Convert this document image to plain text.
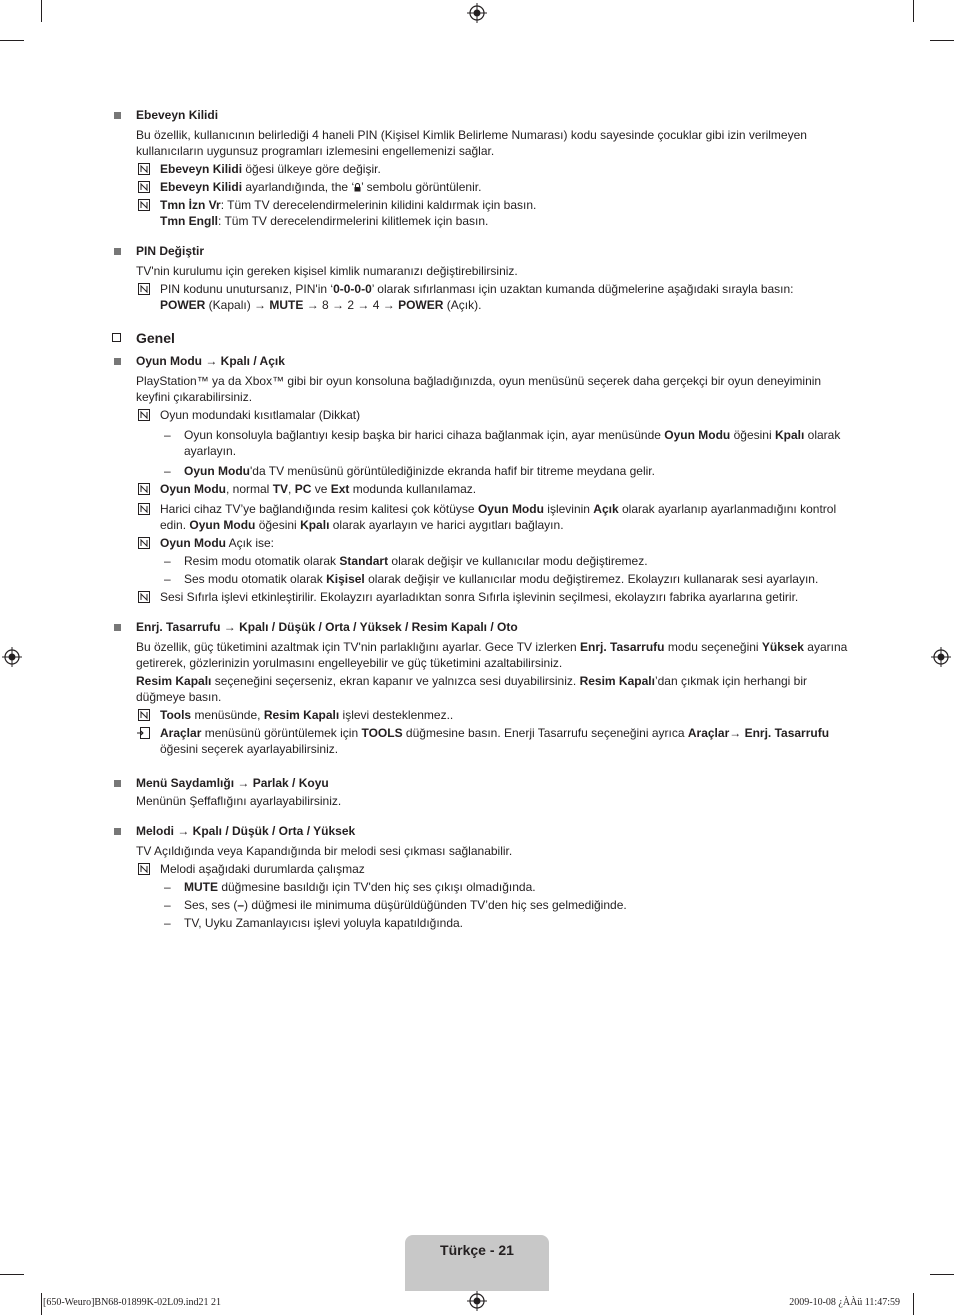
Ebeveyn Kilidi
Bu özellik, kullanıcının belirlediği 4 haneli PIN (Kişisel Kimlik Belirleme Numarası) kodu sayesinde çocuklar gibi izin verilmeyen kullanıcıların uygunsuz programları izlemesini engellemenizi sağlar.
Ebeveyn Kilidi öğesi ülkeye göre değişir.
Ebeveyn Kilidi ayarlandığında, the ‘ ’ sembolu görüntülenir.
Tmn İzn Vr: Tüm TV derecelendirmelerinin kilidini kaldırmak için basın.
Tmn Engll: Tüm TV derecelendirmelerini kilitlemek için basın.
PIN Değiştir
TV'nin kurulumu için gereken kişisel kimlik numaranızı değiştirebilirsiniz.
PIN kodunu unutursanız, PIN'in ‘0-0-0-0’ olarak sıfırlanması için uzaktan kumanda düğmelerine aşağıdaki sırayla basın:
POWER (Kapalı) → MUTE → 8 → 2 → 4 → POWER (Açık).
Genel
Oyun Modu → Kpalı / Açık
PlayStation™ ya da Xbox™ gibi bir oyun konsoluna bağladığınızda, oyun menüsünü seçerek daha gerçekçi bir oyun deneyiminin keyfini çıkarabilirsiniz.
Oyun modundaki kısıtlamalar (Dikkat)
– Oyun konsoluyla bağlantıyı kesip başka bir harici cihaza bağlanmak için, ayar menüsünde Oyun Modu öğesini Kpalı olarak ayarlayın.
– Oyun Modu'da TV menüsünü görüntülediğinizde ekranda hafif bir titreme meydana gelir.
Oyun Modu, normal TV, PC ve Ext modunda kullanılamaz.
Harici cihaz TV’ye bağlandığında resim kalitesi çok kötüyse Oyun Modu işlevinin Açık olarak ayarlanıp ayarlanmadığını kontrol edin. Oyun Modu öğesini Kpalı olarak ayarlayın ve harici aygıtları bağlayın.
Oyun Modu Açık ise:
– Resim modu otomatik olarak Standart olarak değişir ve kullanıcılar modu değiştiremez.
– Ses modu otomatik olarak Kişisel olarak değişir ve kullanıcılar modu değiştiremez. Ekolayzırı kullanarak sesi ayarlayın.
Sesi Sıfırla işlevi etkinleştirilir. Ekolayzırı ayarladıktan sonra Sıfırla işlevinin seçilmesi, ekolayzırı fabrika ayarlarına getirir.
Enrj. Tasarrufu → Kpalı / Düşük / Orta / Yüksek / Resim Kapalı / Oto
Bu özellik, güç tüketimini azaltmak için TV'nin parlaklığını ayarlar. Gece TV izlerken Enrj. Tasarrufu modu seçeneğini Yüksek ayarına getirerek, gözlerinizin yorulmasını engelleyebilir ve güç tüketimini azaltabilirsiniz.
Resim Kapalı seçeneğini seçerseniz, ekran kapanır ve yalnızca sesi duyabilirsiniz. Resim Kapalı’dan çıkmak için herhangi bir düğmeye basın.
Tools menüsünde, Resim Kapalı işlevi desteklenmez..
Araçlar menüsünü görüntülemek için TOOLS düğmesine basın. Enerji Tasarrufu seçeneğini ayrıca Araçlar→ Enrj. Tasarrufu öğesini seçerek ayarlayabilirsiniz.
Menü Saydamlığı → Parlak / Koyu
Menünün Şeffaflığını ayarlayabilirsiniz.
Melodi → Kpalı / Düşük / Orta / Yüksek
TV Açıldığında veya Kapandığında bir melodi sesi çıkması sağlanabilir.
Melodi aşağıdaki durumlarda çalışmaz
– MUTE düğmesine basıldığı için TV'den hiç ses çıkışı olmadığında.
– Ses, ses (–) düğmesi ile minimuma düşürüldüğünden TV’den hiç ses gelmediğinde.
– TV, Uyku Zamanlayıcısı işlevi yoluyla kapatıldığında.
Türkçe - 21
[650-Weuro]BN68-01899K-02L09.ind21 21	2009-10-08 ¿ÀÀü 11:47:59
